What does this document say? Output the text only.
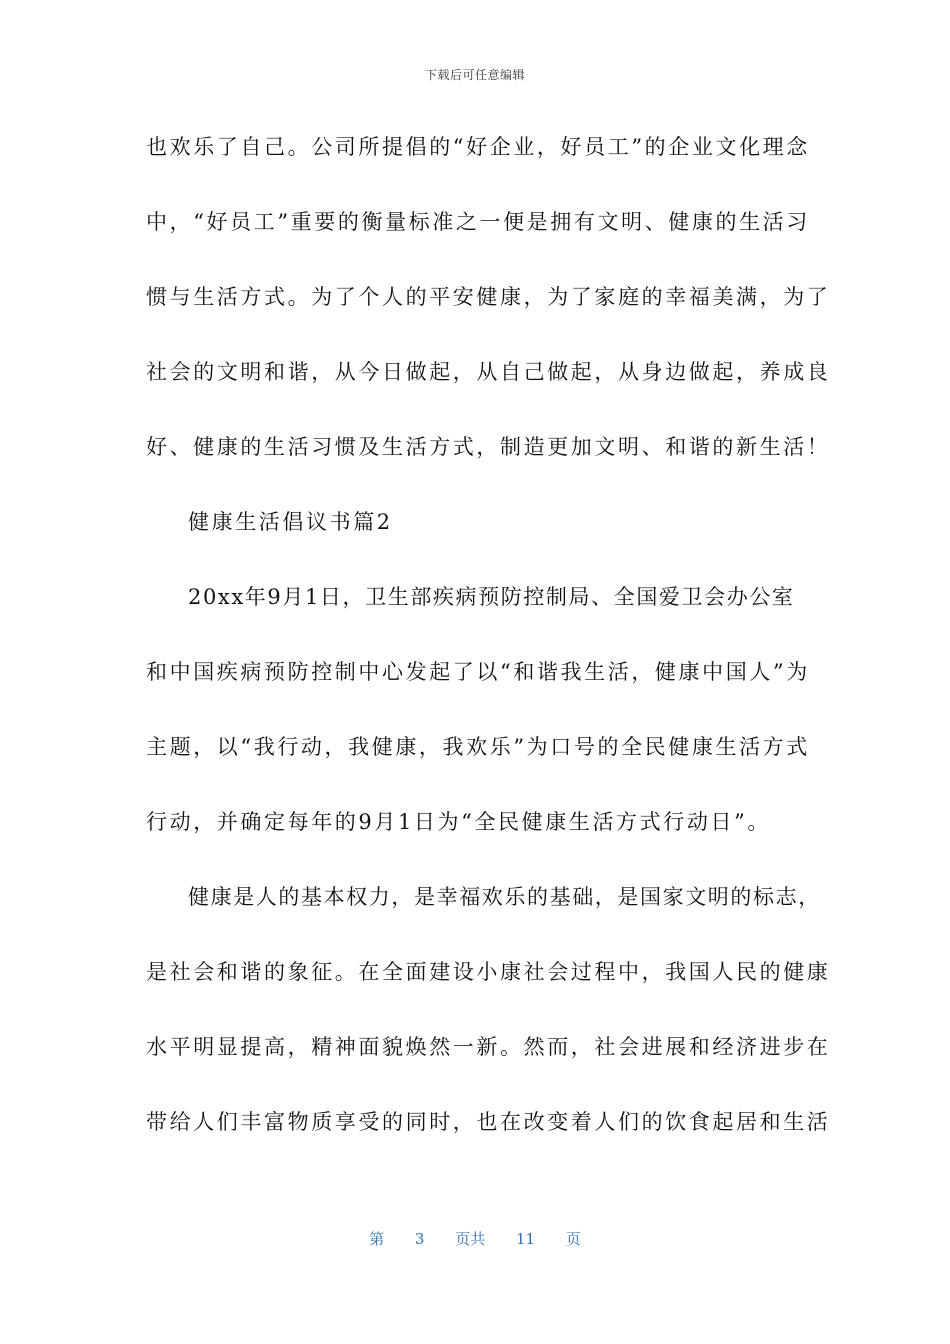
下载后可任意编辑
也欢乐了自己。公司所提倡的“好企业，好员工”的企业文化理念
中，“好员工”重要的衡量标准之一便是拥有文明、健康的生活习
惯与生活方式。为了个人的平安健康，为了家庭的幸福美满，为了
社会的文明和谐，从今日做起，从自己做起，从身边做起，养成良
好、健康的生活习惯及生活方式，制造更加文明、和谐的新生活！
健康生活倡议书篇2
20xx年9月1日，卫生部疾病预防控制局、全国爱卫会办公室
和中国疾病预防控制中心发起了以“和谐我生活，健康中国人”为
主题，以“我行动，我健康，我欢乐”为口号的全民健康生活方式
行动，并确定每年的9月1日为“全民健康生活方式行动日”。
健康是人的基本权力，是幸福欢乐的基础，是国家文明的标志，
是社会和谐的象征。在全面建设小康社会过程中，我国人民的健康
水平明显提高，精神面貌焕然一新。然而，社会进展和经济进步在
带给人们丰富物质享受的同时，也在改变着人们的饮食起居和生活
第 3 页共 11 页
